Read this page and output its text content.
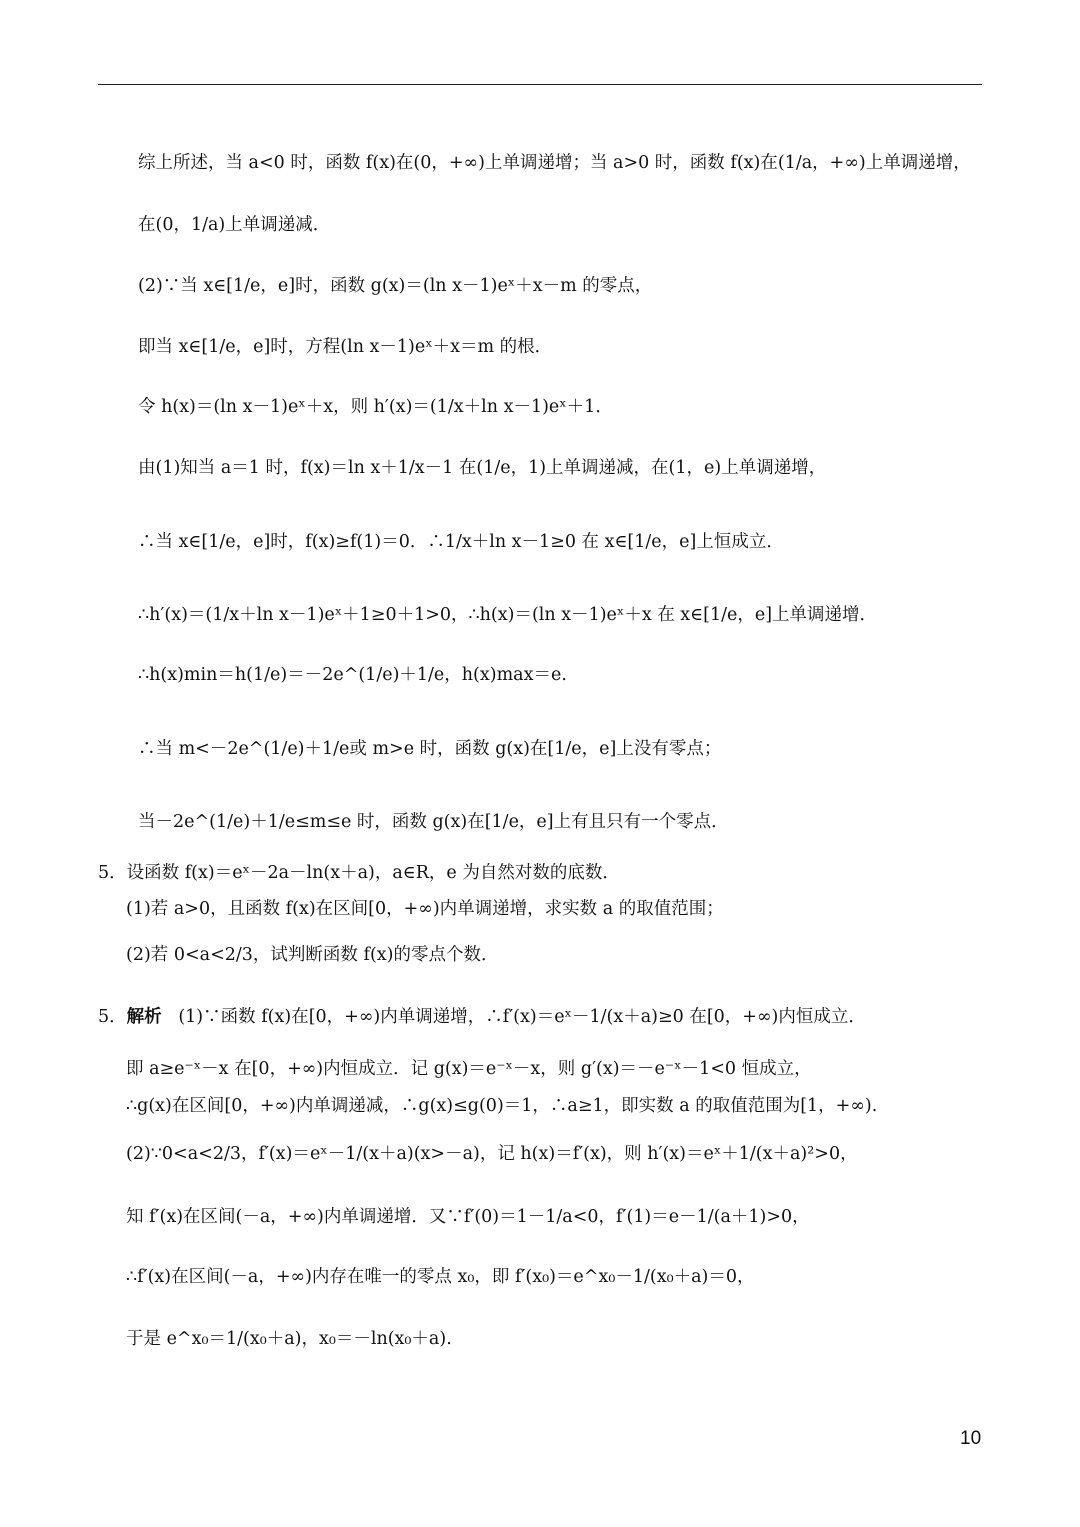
综上所述，当 a<0 时，函数 f(x)在(0，+∞)上单调递增；当 a>0 时，函数 f(x)在(1/a，+∞)上单调递增，
在(0，1/a)上单调递减．
(2)∵当 x∈[1/e，e]时，函数 g(x)＝(ln x－1)eˣ＋x－m 的零点，
即当 x∈[1/e，e]时，方程(ln x－1)eˣ＋x＝m 的根．
令 h(x)＝(ln x－1)eˣ＋x，则 h′(x)＝(1/x＋ln x－1)eˣ＋1．
由(1)知当 a＝1 时，f(x)＝ln x＋1/x－1 在(1/e，1)上单调递减，在(1，e)上单调递增，
∴当 x∈[1/e，e]时，f(x)≥f(1)＝0．∴1/x＋ln x－1≥0 在 x∈[1/e，e]上恒成立．
∴h′(x)＝(1/x＋ln x－1)eˣ＋1≥0＋1>0，∴h(x)＝(ln x－1)eˣ＋x 在 x∈[1/e，e]上单调递增．
∴h(x)min＝h(1/e)＝－2e^(1/e)＋1/e，h(x)max＝e.
∴当 m<－2e^(1/e)＋1/e或 m>e 时，函数 g(x)在[1/e，e]上没有零点；
当－2e^(1/e)＋1/e≤m≤e 时，函数 g(x)在[1/e，e]上有且只有一个零点．
5．设函数 f(x)＝eˣ－2a－ln(x＋a)，a∈R，e 为自然对数的底数．
(1)若 a>0，且函数 f(x)在区间[0，+∞)内单调递增，求实数 a 的取值范围；
(2)若 0<a<2/3，试判断函数 f(x)的零点个数．
5．解析 (1)∵函数 f(x)在[0，+∞)内单调递增，∴f′(x)＝eˣ－1/(x＋a)≥0 在[0，+∞)内恒成立．
即 a≥e⁻ˣ－x 在[0，+∞)内恒成立．记 g(x)＝e⁻ˣ－x，则 g′(x)＝－e⁻ˣ－1<0 恒成立，
∴g(x)在区间[0，+∞)内单调递减，∴g(x)≤g(0)＝1，∴a≥1，即实数 a 的取值范围为[1，+∞).
(2)∵0<a<2/3，f′(x)＝eˣ－1/(x＋a)(x>－a)，记 h(x)＝f′(x)，则 h′(x)＝eˣ＋1/(x＋a)²>0，
知 f′(x)在区间(－a，+∞)内单调递增．又∵f′(0)＝1－1/a<0，f′(1)＝e－1/(a＋1)>0，
∴f′(x)在区间(－a，+∞)内存在唯一的零点 x₀，即 f′(x₀)＝e^x₀－1/(x₀＋a)＝0，
于是 e^x₀＝1/(x₀＋a)，x₀＝－ln(x₀＋a).
10
